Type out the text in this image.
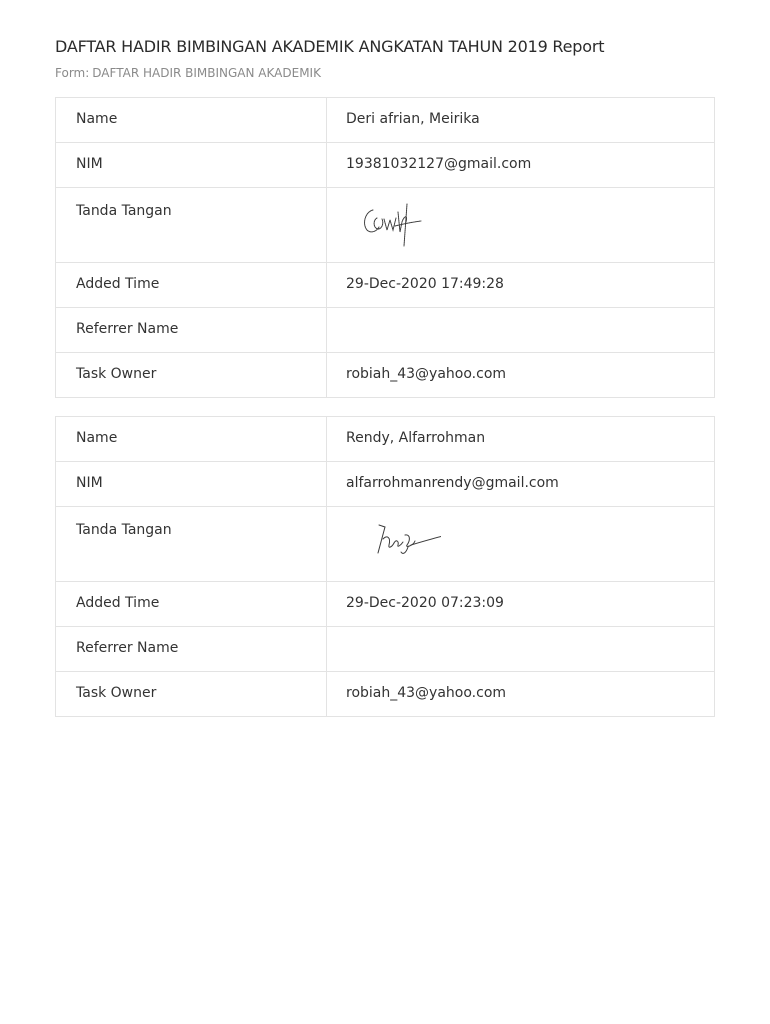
DAFTAR HADIR BIMBINGAN AKADEMIK ANGKATAN TAHUN 2019 Report
Form: DAFTAR HADIR BIMBINGAN AKADEMIK
Name	Deri afrian, Meirika
NIM	19381032127@gmail.com
Tanda Tangan	

Added Time	29-Dec-2020 17:49:28
Referrer Name	
Task Owner	robiah_43@yahoo.com
Name	Rendy, Alfarrohman
NIM	alfarrohmanrendy@gmail.com
Tanda Tangan	

Added Time	29-Dec-2020 07:23:09
Referrer Name	
Task Owner	robiah_43@yahoo.com
